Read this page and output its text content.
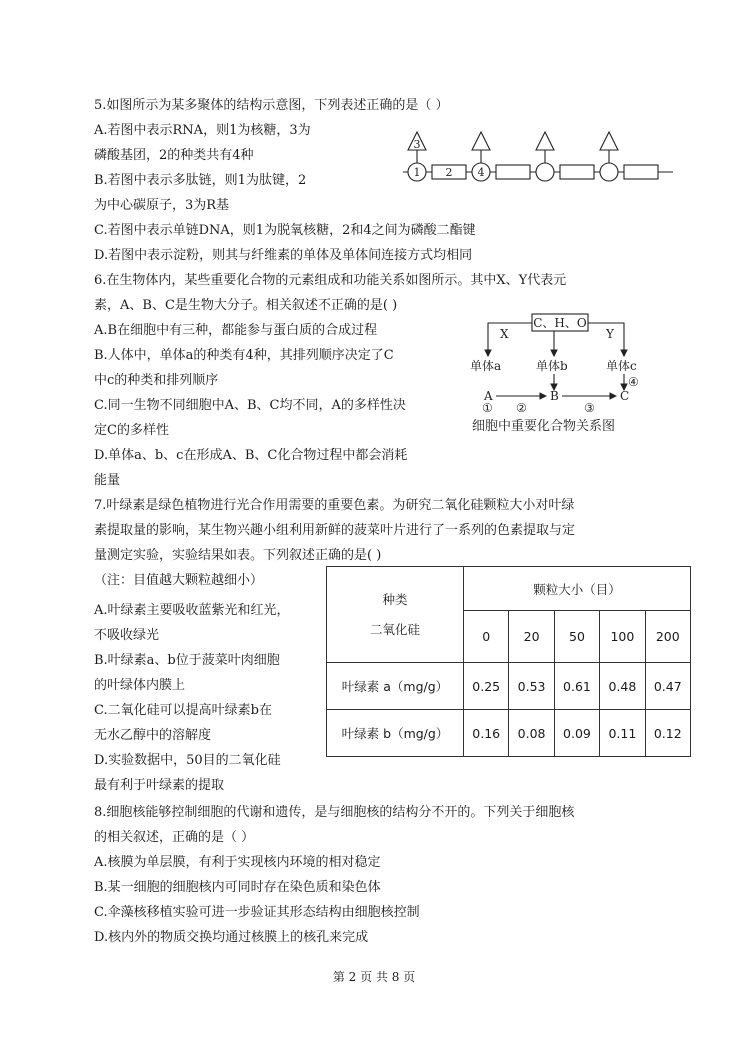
5.如图所示为某多聚体的结构示意图，下列表述正确的是（ ）
A.若图中表示RNA，则1为核糖，3为
磷酸基团，2的种类共有4种
B.若图中表示多肽链，则1为肽键，2
为中心碳原子，3为R基
C.若图中表示单链DNA，则1为脱氧核糖，2和4之间为磷酸二酯键
D.若图中表示淀粉，则其与纤维素的单体及单体间连接方式均相同
3
1 2 4
6.在生物体内，某些重要化合物的元素组成和功能关系如图所示。其中X、Y代表元
素，A、B、C是生物大分子。相关叙述不正确的是( )
A.B在细胞中有三种，都能参与蛋白质的合成过程
B.人体中，单体a的种类有4种，其排列顺序决定了C
中c的种类和排列顺序
C.同一生物不同细胞中A、B、C均不同，A的多样性决
定C的多样性
D.单体a、b、c在形成A、B、C化合物过程中都会消耗
能量
C、H、O
X	Y
单体a	单体b	单体c
A	B	C
① ②	③
④
细胞中重要化合物关系图
7.叶绿素是绿色植物进行光合作用需要的重要色素。为研究二氧化硅颗粒大小对叶绿
素提取量的影响，某生物兴趣小组利用新鲜的菠菜叶片进行了一系列的色素提取与定
量测定实验，实验结果如表。下列叙述正确的是( )
（注：目值越大颗粒越细小）
A.叶绿素主要吸收蓝紫光和红光，
不吸收绿光
B.叶绿素a、b位于菠菜叶肉细胞
的叶绿体内膜上
C.二氧化硅可以提高叶绿素b在
无水乙醇中的溶解度
D.实验数据中，50目的二氧化硅
最有利于叶绿素的提取
种类
二氧化硅	颗粒大小（目）				
	0	20	50	100	200
叶绿素 a（mg/g）	0.25	0.53	0.61	0.48	0.47
叶绿素 b（mg/g）	0.16	0.08	0.09	0.11	0.12
8.细胞核能够控制细胞的代谢和遗传，是与细胞核的结构分不开的。下列关于细胞核
的相关叙述，正确的是（ ）
A.核膜为单层膜，有利于实现核内环境的相对稳定
B.某一细胞的细胞核内可同时存在染色质和染色体
C.伞藻核移植实验可进一步验证其形态结构由细胞核控制
D.核内外的物质交换均通过核膜上的核孔来完成
第 2 页 共 8 页
